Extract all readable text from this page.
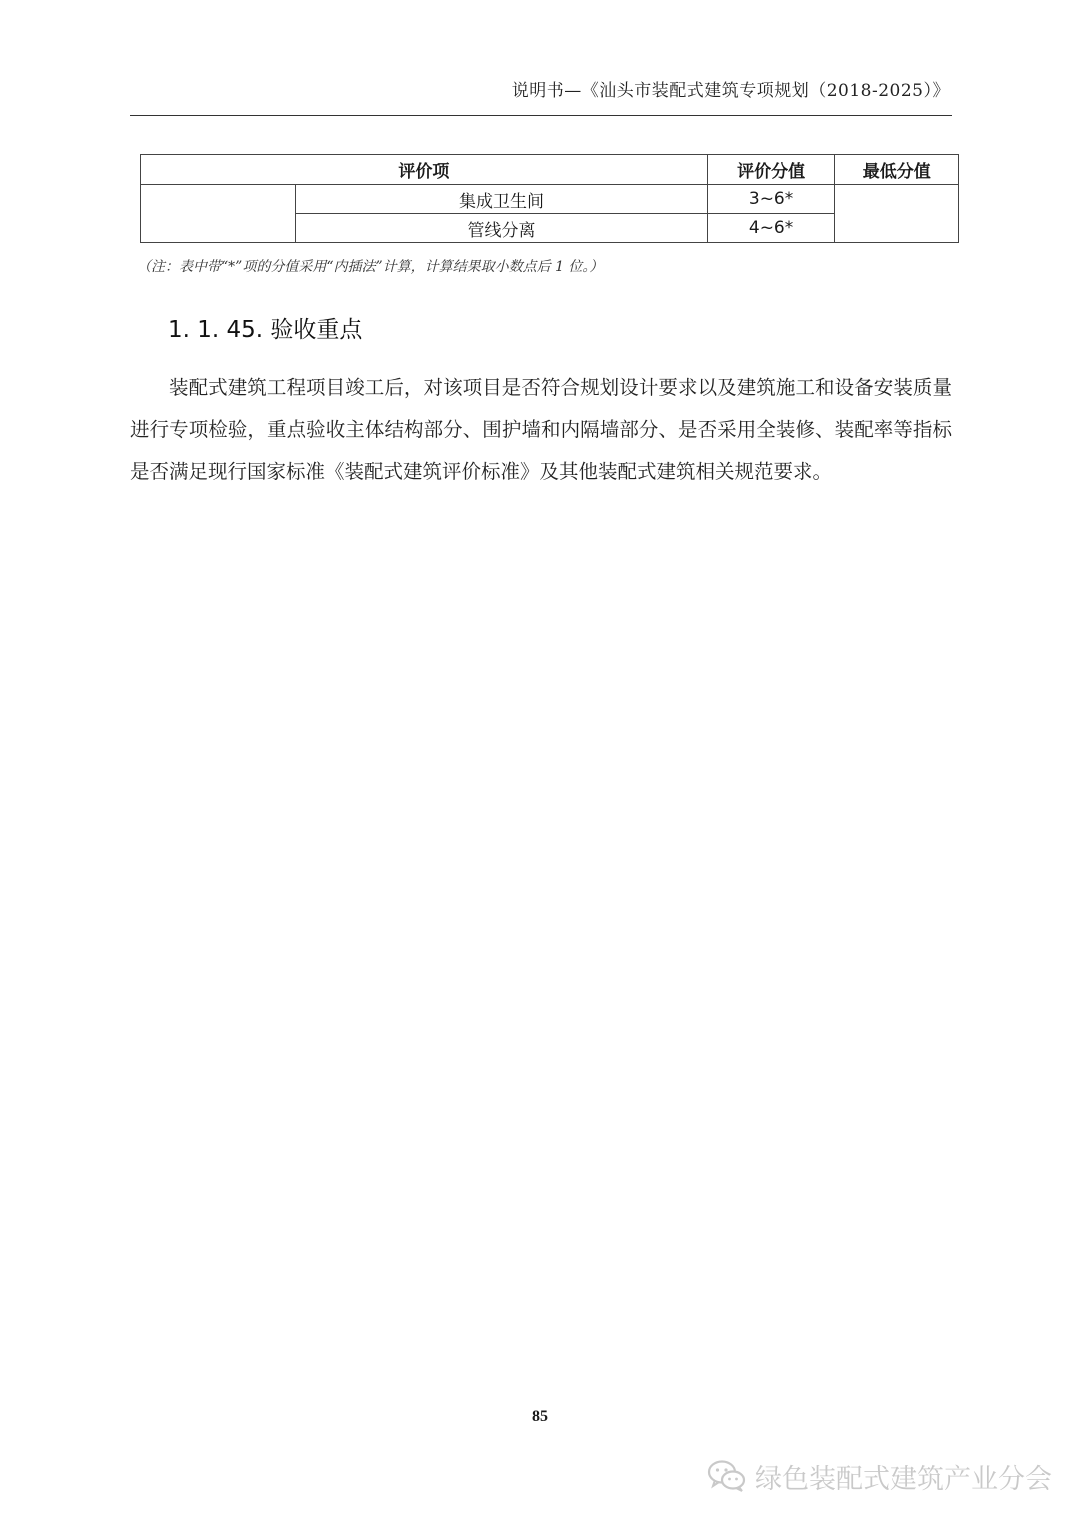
说明书—《汕头市装配式建筑专项规划（2018-2025）》
评价项		评价分值	最低分值
	集成卫生间	3~6*	
	管线分离	4~6*	
（注：表中带“*”项的分值采用“内插法”计算，计算结果取小数点后 1 位。）
1. 1. 45. 验收重点
装配式建筑工程项目竣工后，对该项目是否符合规划设计要求以及建筑施工和设备安装质量进行专项检验，重点验收主体结构部分、围护墙和内隔墙部分、是否采用全装修、装配率等指标是否满足现行国家标准《装配式建筑评价标准》及其他装配式建筑相关规范要求。
85
绿色装配式建筑产业分会
